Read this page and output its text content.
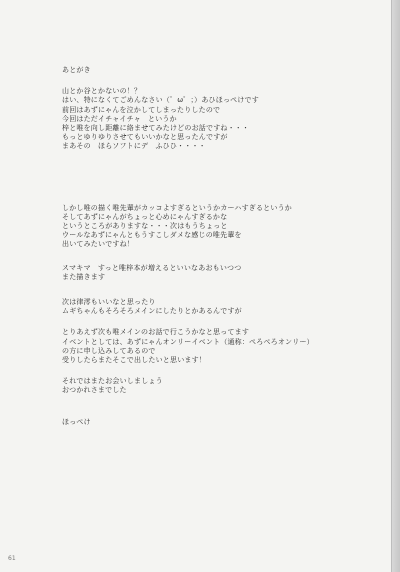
あとがき
山とか谷とかないの！？
はい、特になくてごめんなさい（゜ω゜；）あひほっぺけです
前回はあずにゃんを泣かしてしまったりしたので
今回はただイチャイチャ　というか
梓と唯を向し距離に絡ませてみたけどのお話ですね・・・
もっとゆりゆりさせてもいいかなと思ったんですが
まあその　ほらソフトにデ　ふひひ・・・・
しかし唯の描く唯先輩がカッコよすぎるというかカーハすぎるというか
そしてあずにゃんがちょっと心めにゃんすぎるかな
というところがありますな・・・次はもうちょっと
ウールなあずにゃんともうすこしダメな感じの唯先輩を
出いてみたいですね！
スマキマ　すっと唯梓本が増えるといいなあおもいつつ
また描きます
次は律澪もいいなと思ったり
ムギちゃんもそろそろメインにしたりとかあるんですが
とりあえず次も唯メインのお話で行こうかなと思ってます
イベントとしては、あずにゃんオンリーイベント（通称：ぺろぺろオンリー）
の方に申し込みしてあるので
受りしたらまたそこで出したいと思います！
それではまたお会いしましょう
おつかれさまでした
ほっぺけ
61
